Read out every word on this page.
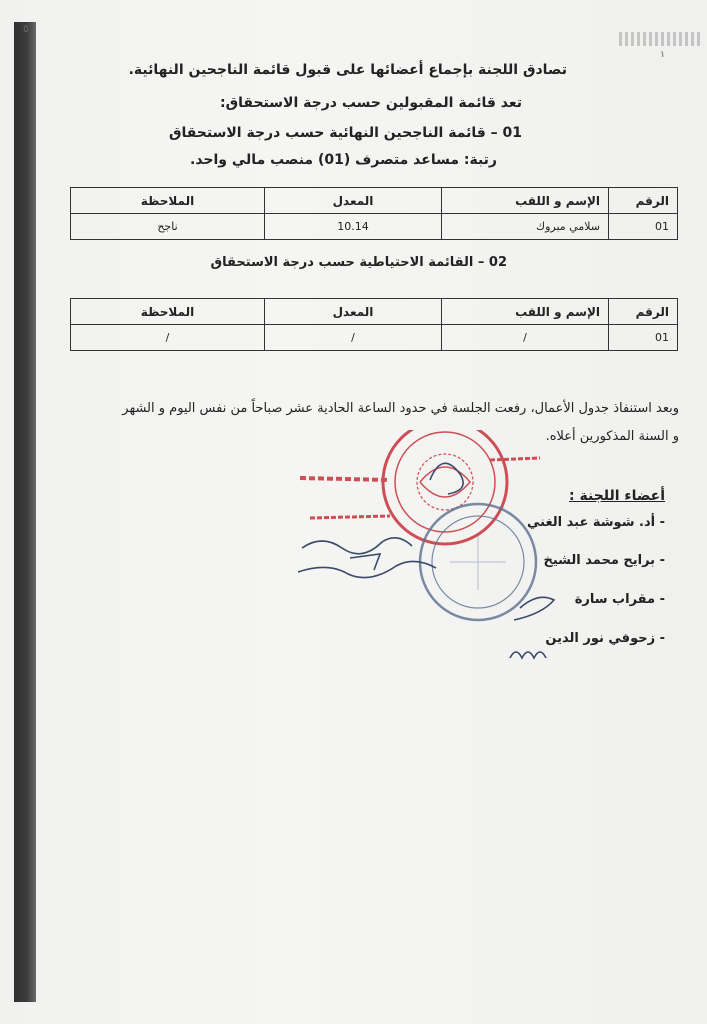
٥
١
تصادق اللجنة بإجماع أعضائها على قبول قائمة الناجحين النهائية.
تعد قائمة المقبولين حسب درجة الاستحقاق:
01 – قائمة الناجحين النهائية حسب درجة الاستحقاق
رتبة: مساعد متصرف (01) منصب مالي واحد.
الرقم	الإسم و اللقب	المعدل	الملاحظة
01	سلامي مبروك	10.14	ناجح
02 – القائمة الاحتياطية حسب درجة الاستحقاق
الرقم	الإسم و اللقب	المعدل	الملاحظة
01	/	/	/
وبعد استنفاذ جدول الأعمال، رفعت الجلسة في حدود الساعة الحادية عشر صباحاً من نفس اليوم و الشهر
و السنة المذكورين أعلاه.
أعضاء اللجنة :
- أد. شوشة عبد الغني
- برايح محمد الشيخ
- مقراب سارة
- زحوفي نور الدين
